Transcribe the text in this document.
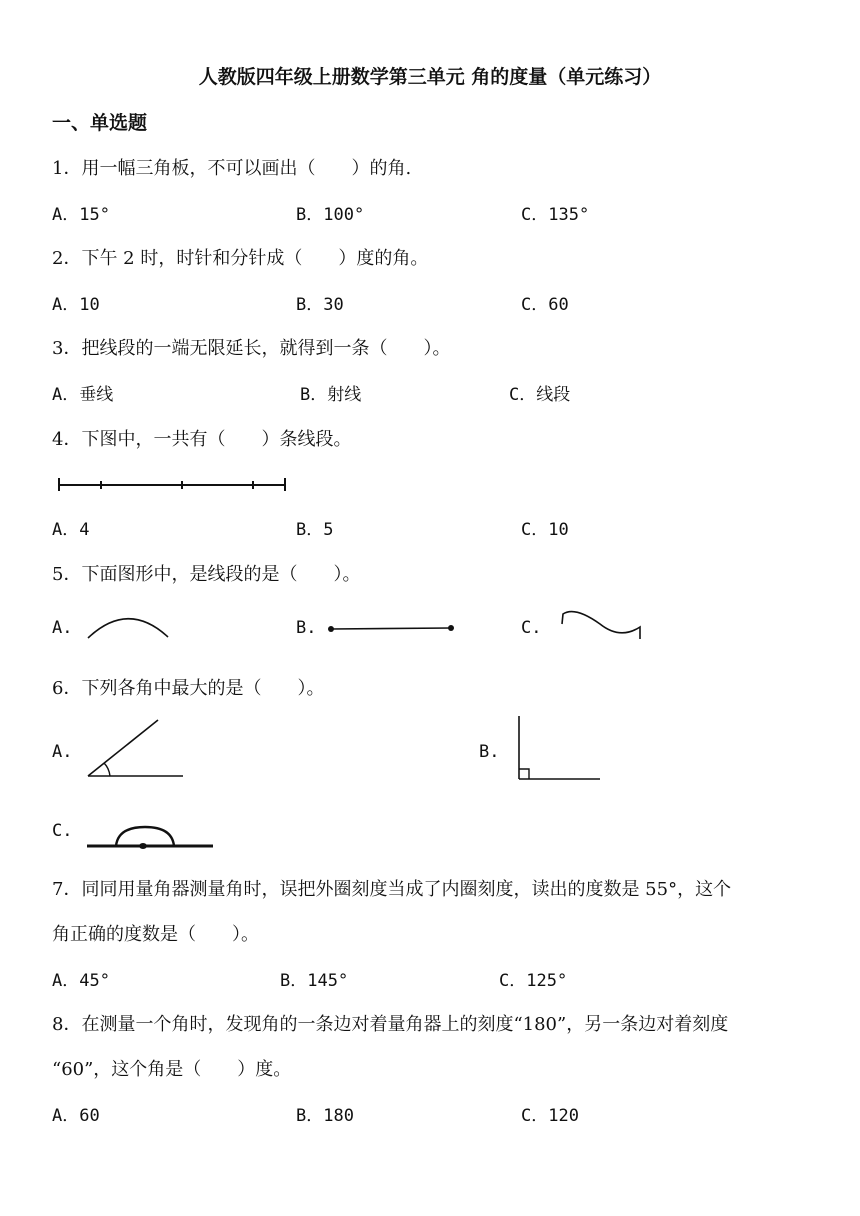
人教版四年级上册数学第三单元 角的度量（单元练习）
一、单选题
1．用一幅三角板，不可以画出（　　）的角.
A．15°	B．100°	C．135°
2．下午 2 时，时针和分针成（　　）度的角。
A．10	B．30	C．60
3．把线段的一端无限延长，就得到一条（　　）。
A．垂线	B．射线	C．线段
4．下图中，一共有（　　）条线段。
A．4	B．5	C．10
5．下面图形中，是线段的是（　　）。
A.	B.	C.
6．下列各角中最大的是（　　）。
A.	B.
C.
7．同同用量角器测量角时，误把外圈刻度当成了内圈刻度，读出的度数是 55°，这个
角正确的度数是（　　）。
A．45°	B．145°	C．125°
8．在测量一个角时，发现角的一条边对着量角器上的刻度“180”，另一条边对着刻度
“60”，这个角是（　　）度。
A．60	B．180	C．120
